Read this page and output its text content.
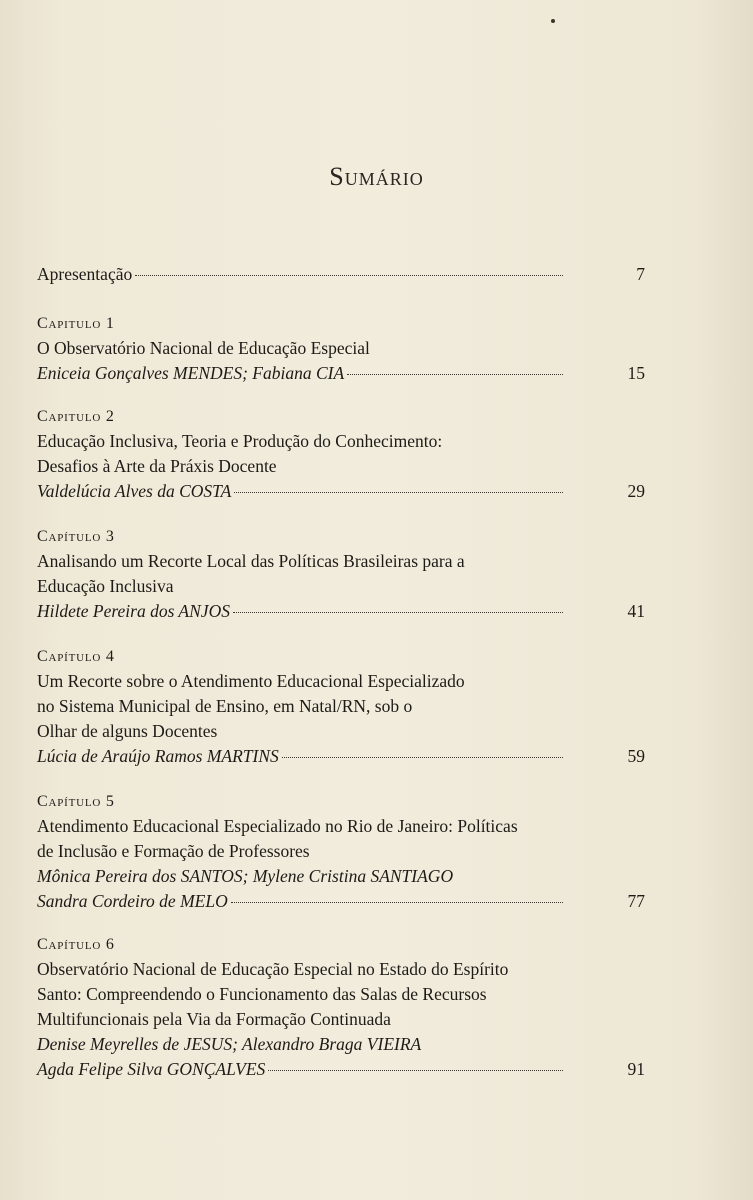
Sumário
Apresentação	7
Capitulo 1
O Observatório Nacional de Educação Especial
Eniceia Gonçalves MENDES; Fabiana CIA	15
Capitulo 2
Educação Inclusiva, Teoria e Produção do Conhecimento:
Desafios à Arte da Práxis Docente
Valdelúcia Alves da COSTA	29
Capítulo 3
Analisando um Recorte Local das Políticas Brasileiras para a
Educação Inclusiva
Hildete Pereira dos ANJOS	41
Capítulo 4
Um Recorte sobre o Atendimento Educacional Especializado
no Sistema Municipal de Ensino, em Natal/RN, sob o
Olhar de alguns Docentes
Lúcia de Araújo Ramos MARTINS	59
Capítulo 5
Atendimento Educacional Especializado no Rio de Janeiro: Políticas
de Inclusão e Formação de Professores
Mônica Pereira dos SANTOS; Mylene Cristina SANTIAGO
Sandra Cordeiro de MELO	77
Capítulo 6
Observatório Nacional de Educação Especial no Estado do Espírito
Santo: Compreendendo o Funcionamento das Salas de Recursos
Multifuncionais pela Via da Formação Continuada
Denise Meyrelles de JESUS; Alexandro Braga VIEIRA
Agda Felipe Silva GONÇALVES	91
